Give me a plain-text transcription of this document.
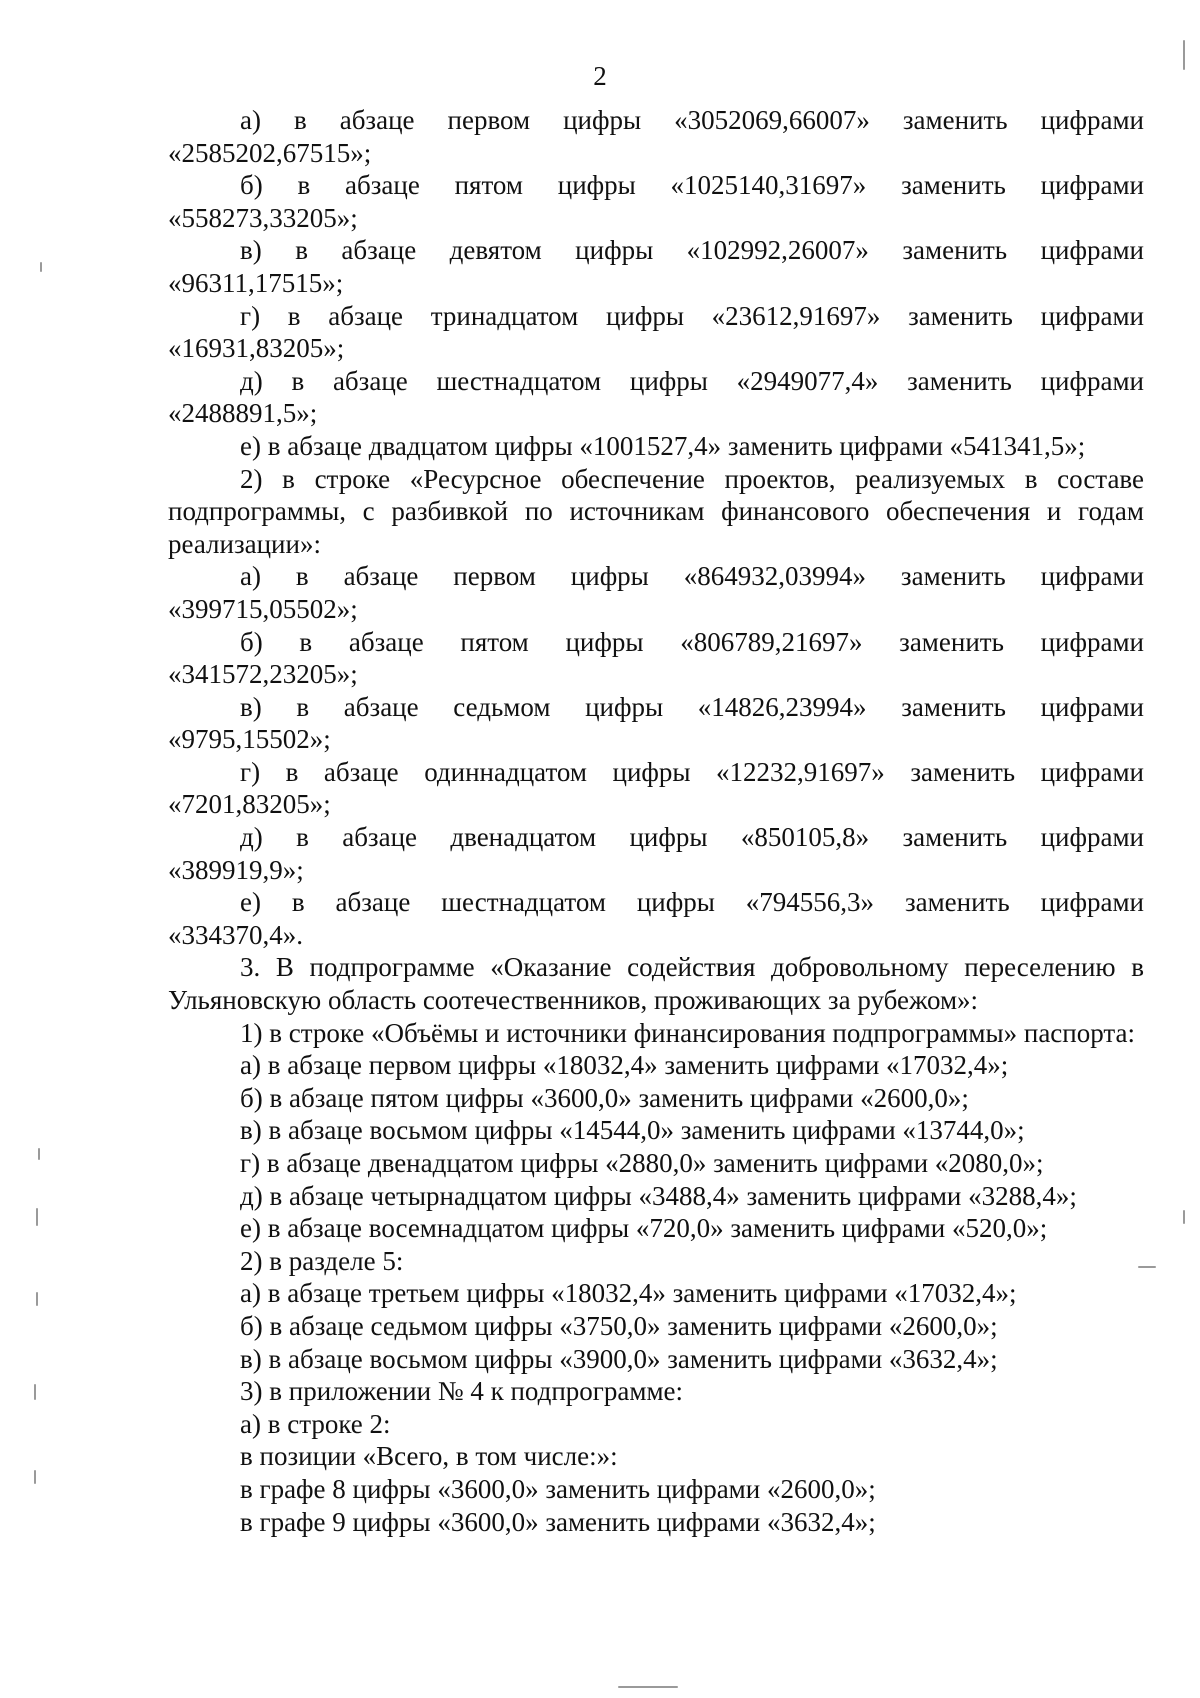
2

а) в абзаце первом цифры «3052069,66007» заменить цифрами
«2585202,67515»;

б) в абзаце пятом цифры «1025140,31697» заменить цифрами
«558273,33205»;

в) в абзаце девятом цифры «102992,26007» заменить цифрами
«96311,17515»;

г) в абзаце тринадцатом цифры «23612,91697» заменить цифрами
«16931,83205»;

д) в абзаце шестнадцатом цифры «2949077,4» заменить цифрами
«2488891,5»;

е) в абзаце двадцатом цифры «1001527,4» заменить цифрами «541341,5»;

2) в строке «Ресурсное обеспечение проектов, реализуемых в составе подпрограммы, с разбивкой по источникам финансового обеспечения и годам реализации»:

а) в абзаце первом цифры «864932,03994» заменить цифрами
«399715,05502»;

б) в абзаце пятом цифры «806789,21697» заменить цифрами
«341572,23205»;

в) в абзаце седьмом цифры «14826,23994» заменить цифрами
«9795,15502»;

г) в абзаце одиннадцатом цифры «12232,91697» заменить цифрами
«7201,83205»;

д) в абзаце двенадцатом цифры «850105,8» заменить цифрами
«389919,9»;

е) в абзаце шестнадцатом цифры «794556,3» заменить цифрами
«334370,4».

3. В подпрограмме «Оказание содействия добровольному переселению в Ульяновскую область соотечественников, проживающих за рубежом»:

1) в строке «Объёмы и источники финансирования подпрограммы» паспорта:

а) в абзаце первом цифры «18032,4» заменить цифрами «17032,4»;

б) в абзаце пятом цифры «3600,0» заменить цифрами «2600,0»;

в) в абзаце восьмом цифры «14544,0» заменить цифрами «13744,0»;

г) в абзаце двенадцатом цифры «2880,0» заменить цифрами «2080,0»;

д) в абзаце четырнадцатом цифры «3488,4» заменить цифрами «3288,4»;

е) в абзаце восемнадцатом цифры «720,0» заменить цифрами «520,0»;

2) в разделе 5:

а) в абзаце третьем цифры «18032,4» заменить цифрами «17032,4»;

б) в абзаце седьмом цифры «3750,0» заменить цифрами «2600,0»;

в) в абзаце восьмом цифры «3900,0» заменить цифрами «3632,4»;

3) в приложении № 4 к подпрограмме:

а) в строке 2:

в позиции «Всего, в том числе:»:

в графе 8 цифры «3600,0» заменить цифрами «2600,0»;

в графе 9 цифры «3600,0» заменить цифрами «3632,4»;
